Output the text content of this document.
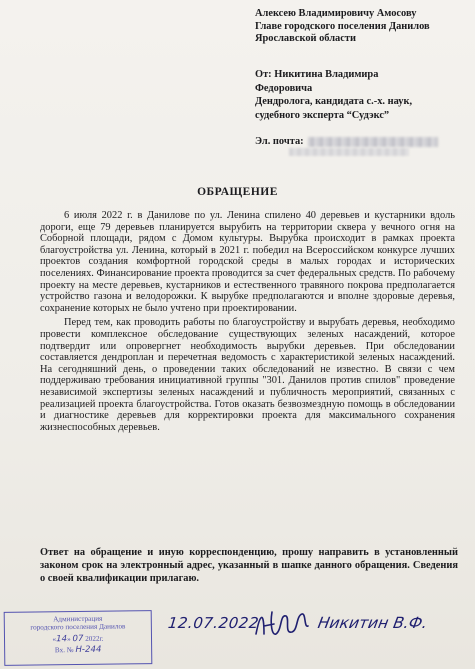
Алексею Владимировичу Амосову
Главе городского поселения Данилов
Ярославской области
От: Никитина Владимира
Федоровича
Дендролога, кандидата с.-х. наук,
судебного эксперта “Судэкс”
Эл. почта:
ОБРАЩЕНИЕ

6 июля 2022 г. в Данилове по ул. Ленина спилено 40 деревьев и кустарники вдоль дороги, еще 79 деревьев планируется вырубить на территории сквера у вечного огня на Соборной площади, рядом с Домом культуры. Вырубка происходит в рамках проекта благоустройства ул. Ленина, который в 2021 г. победил на Всероссийском конкурсе лучших проектов создания комфортной городской среды в малых городах и исторических поселениях. Финансирование проекта проводится за счет федеральных средств. По рабочему проекту на месте деревьев, кустарников и естественного травяного покрова предполагается устройство газона и велодорожки. К вырубке предполагаются и вполне здоровые деревья, сохранение которых не было учтено при проектировании.

Перед тем, как проводить работы по благоустройству и вырубать деревья, необходимо провести комплексное обследование существующих зеленых насаждений, которое подтвердит или опровергнет необходимость вырубки деревьев. При обследовании составляется дендроплан и перечетная ведомость с характеристикой зеленых насаждений. На сегодняшний день, о проведении таких обследований не известно. В связи с чем поддерживаю требования инициативной группы "301. Данилов против спилов" проведение независимой экспертизы зеленых насаждений и публичность мероприятий, связанных с реализацией проекта благоустройства. Готов оказать безвозмездную помощь в обследовании и диагностике деревьев для корректировки проекта для максимального сохранения жизнеспособных деревьев.

Ответ на обращение и иную корреспонденцию, прошу направить в установленный законом срок на электронный адрес, указанный в шапке данного обращения. Сведения о своей квалификации прилагаю.
Администрация
городского поселения Данилов
«14» 07 2022г.
Вх. № Н-244
12.07.2022	Никитин В.Ф.
